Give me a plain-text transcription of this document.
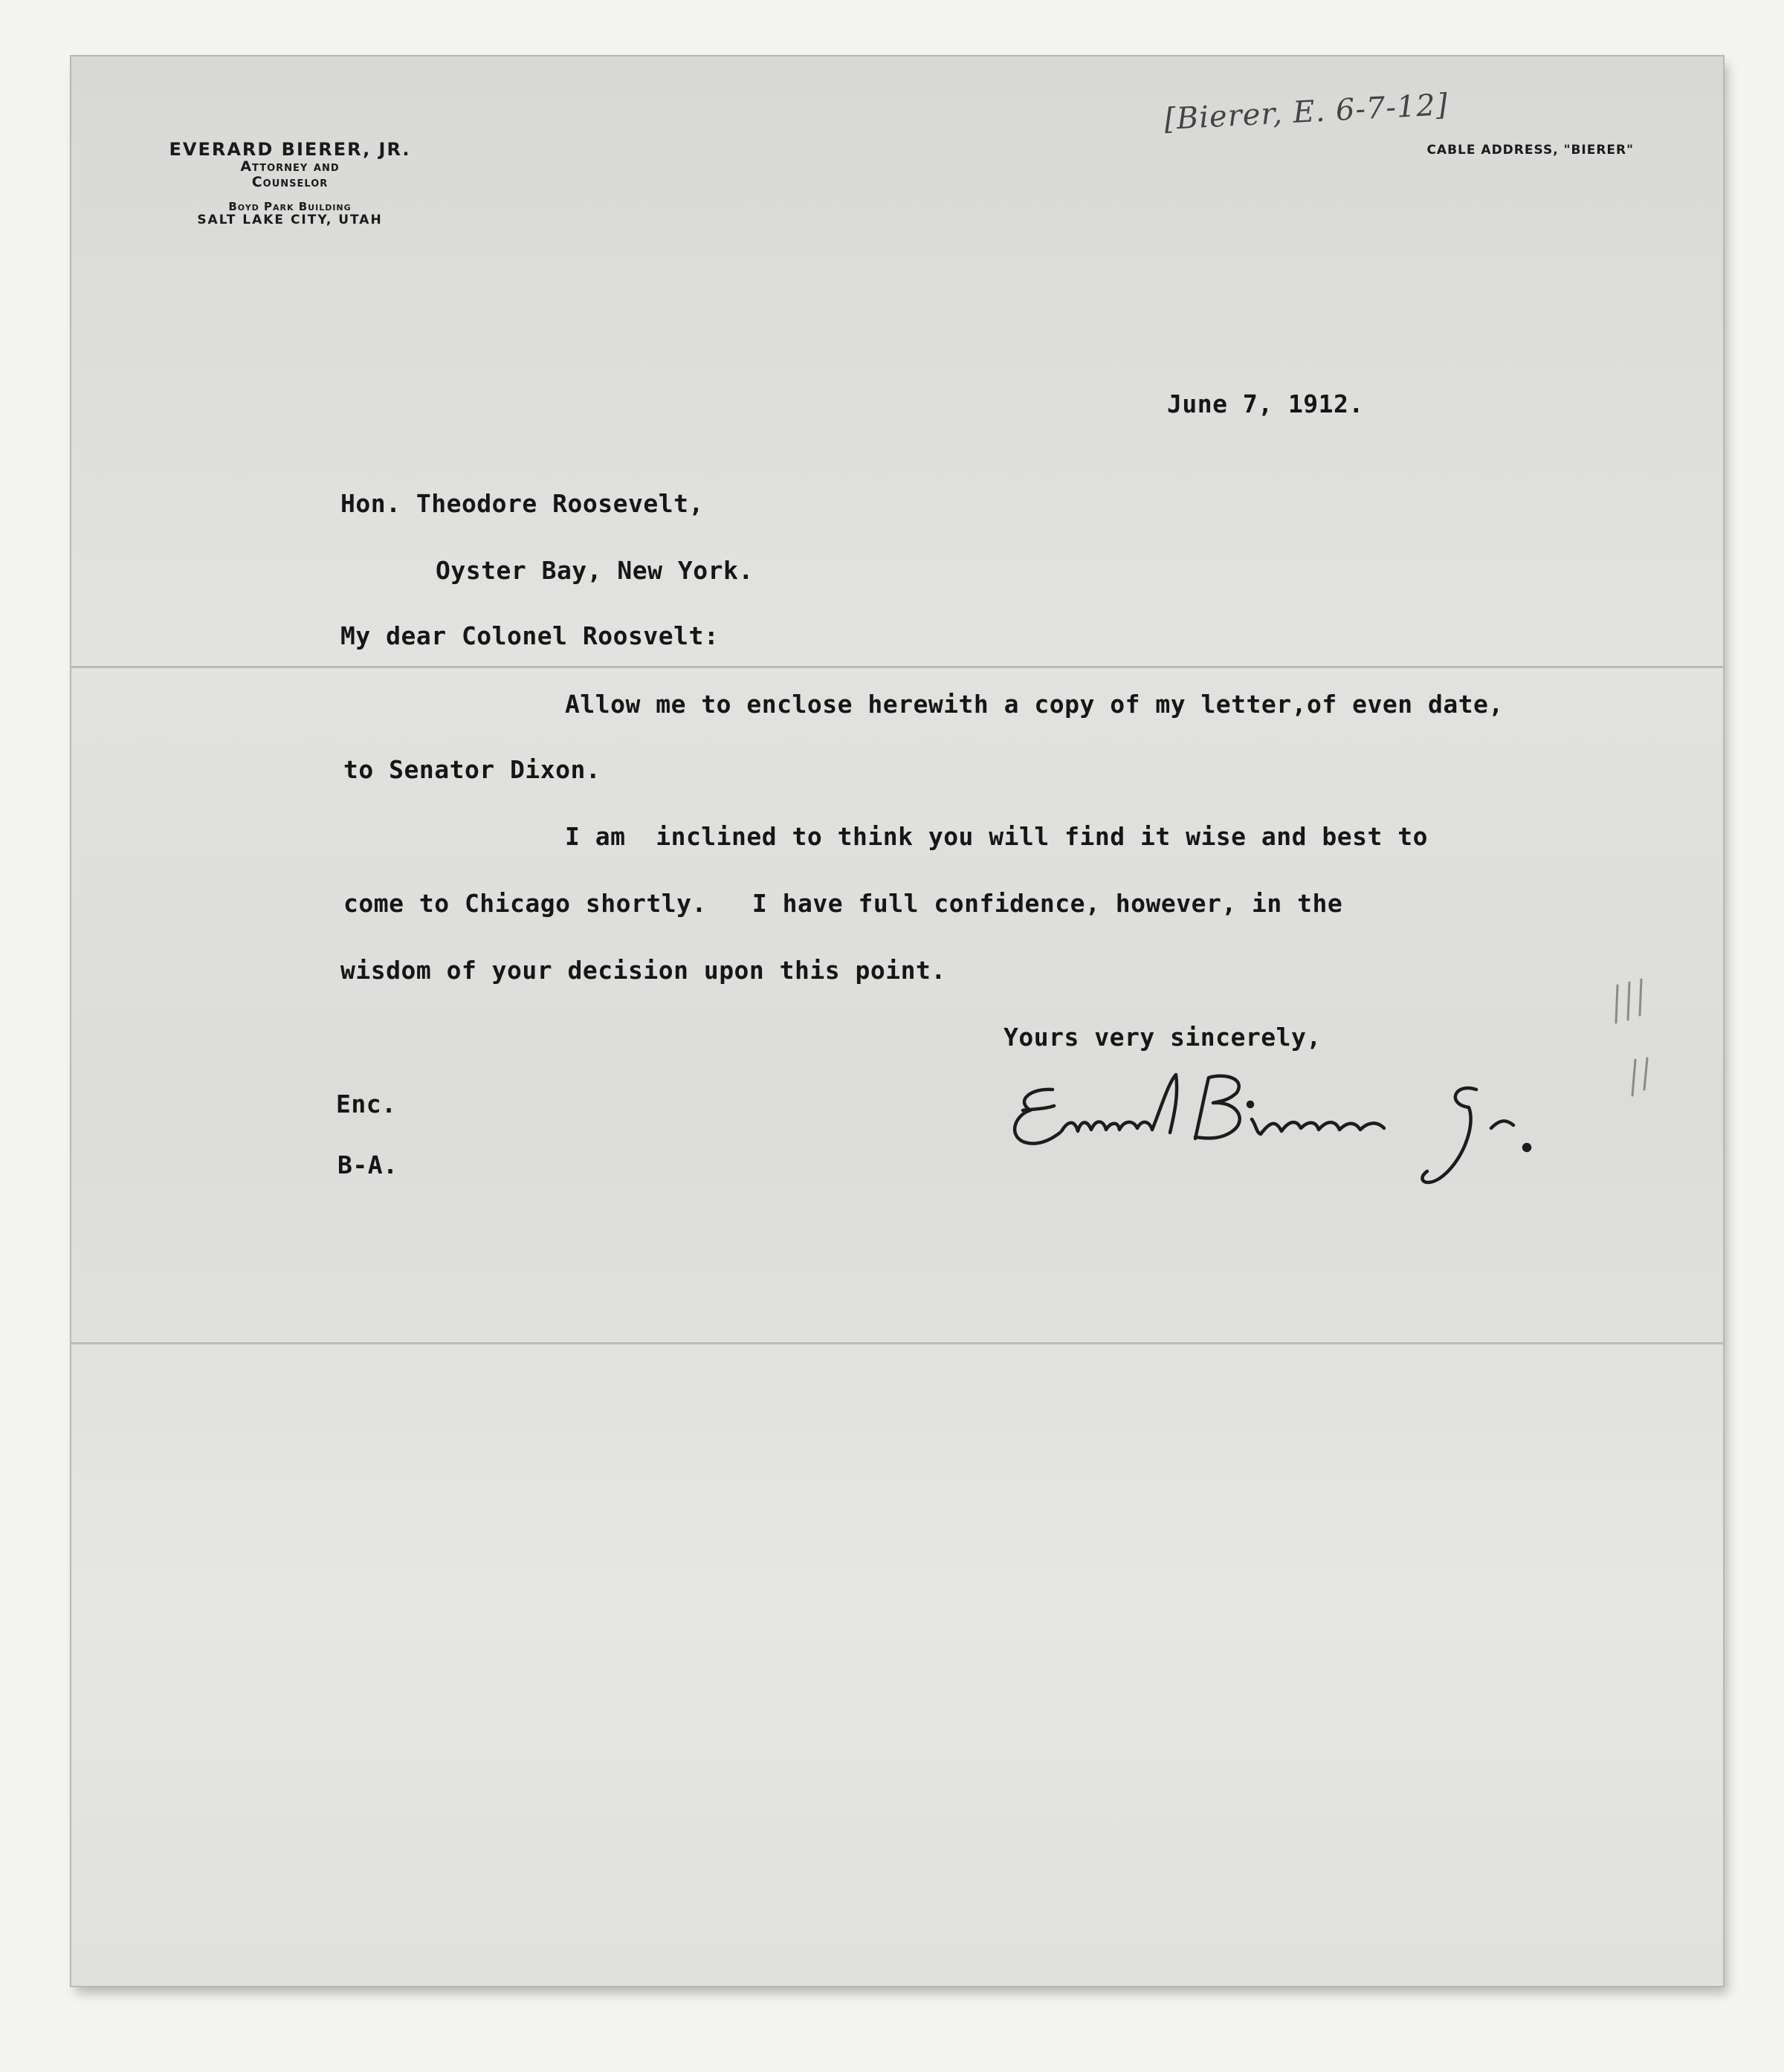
EVERARD BIERER, JR.
Attorney and
Counselor
Boyd Park Building
SALT LAKE CITY, UTAH
CABLE ADDRESS, "BIERER"
[Bierer, E. 6-7-12]
June 7, 1912.
Hon. Theodore Roosevelt,
Oyster Bay, New York.
My dear Colonel Roosvelt:
Allow me to enclose herewith a copy of my letter,of even date,
to Senator Dixon.
I am  inclined to think you will find it wise and best to
come to Chicago shortly.   I have full confidence, however, in the
wisdom of your decision upon this point.
Yours very sincerely,
Enc.
B-A.
